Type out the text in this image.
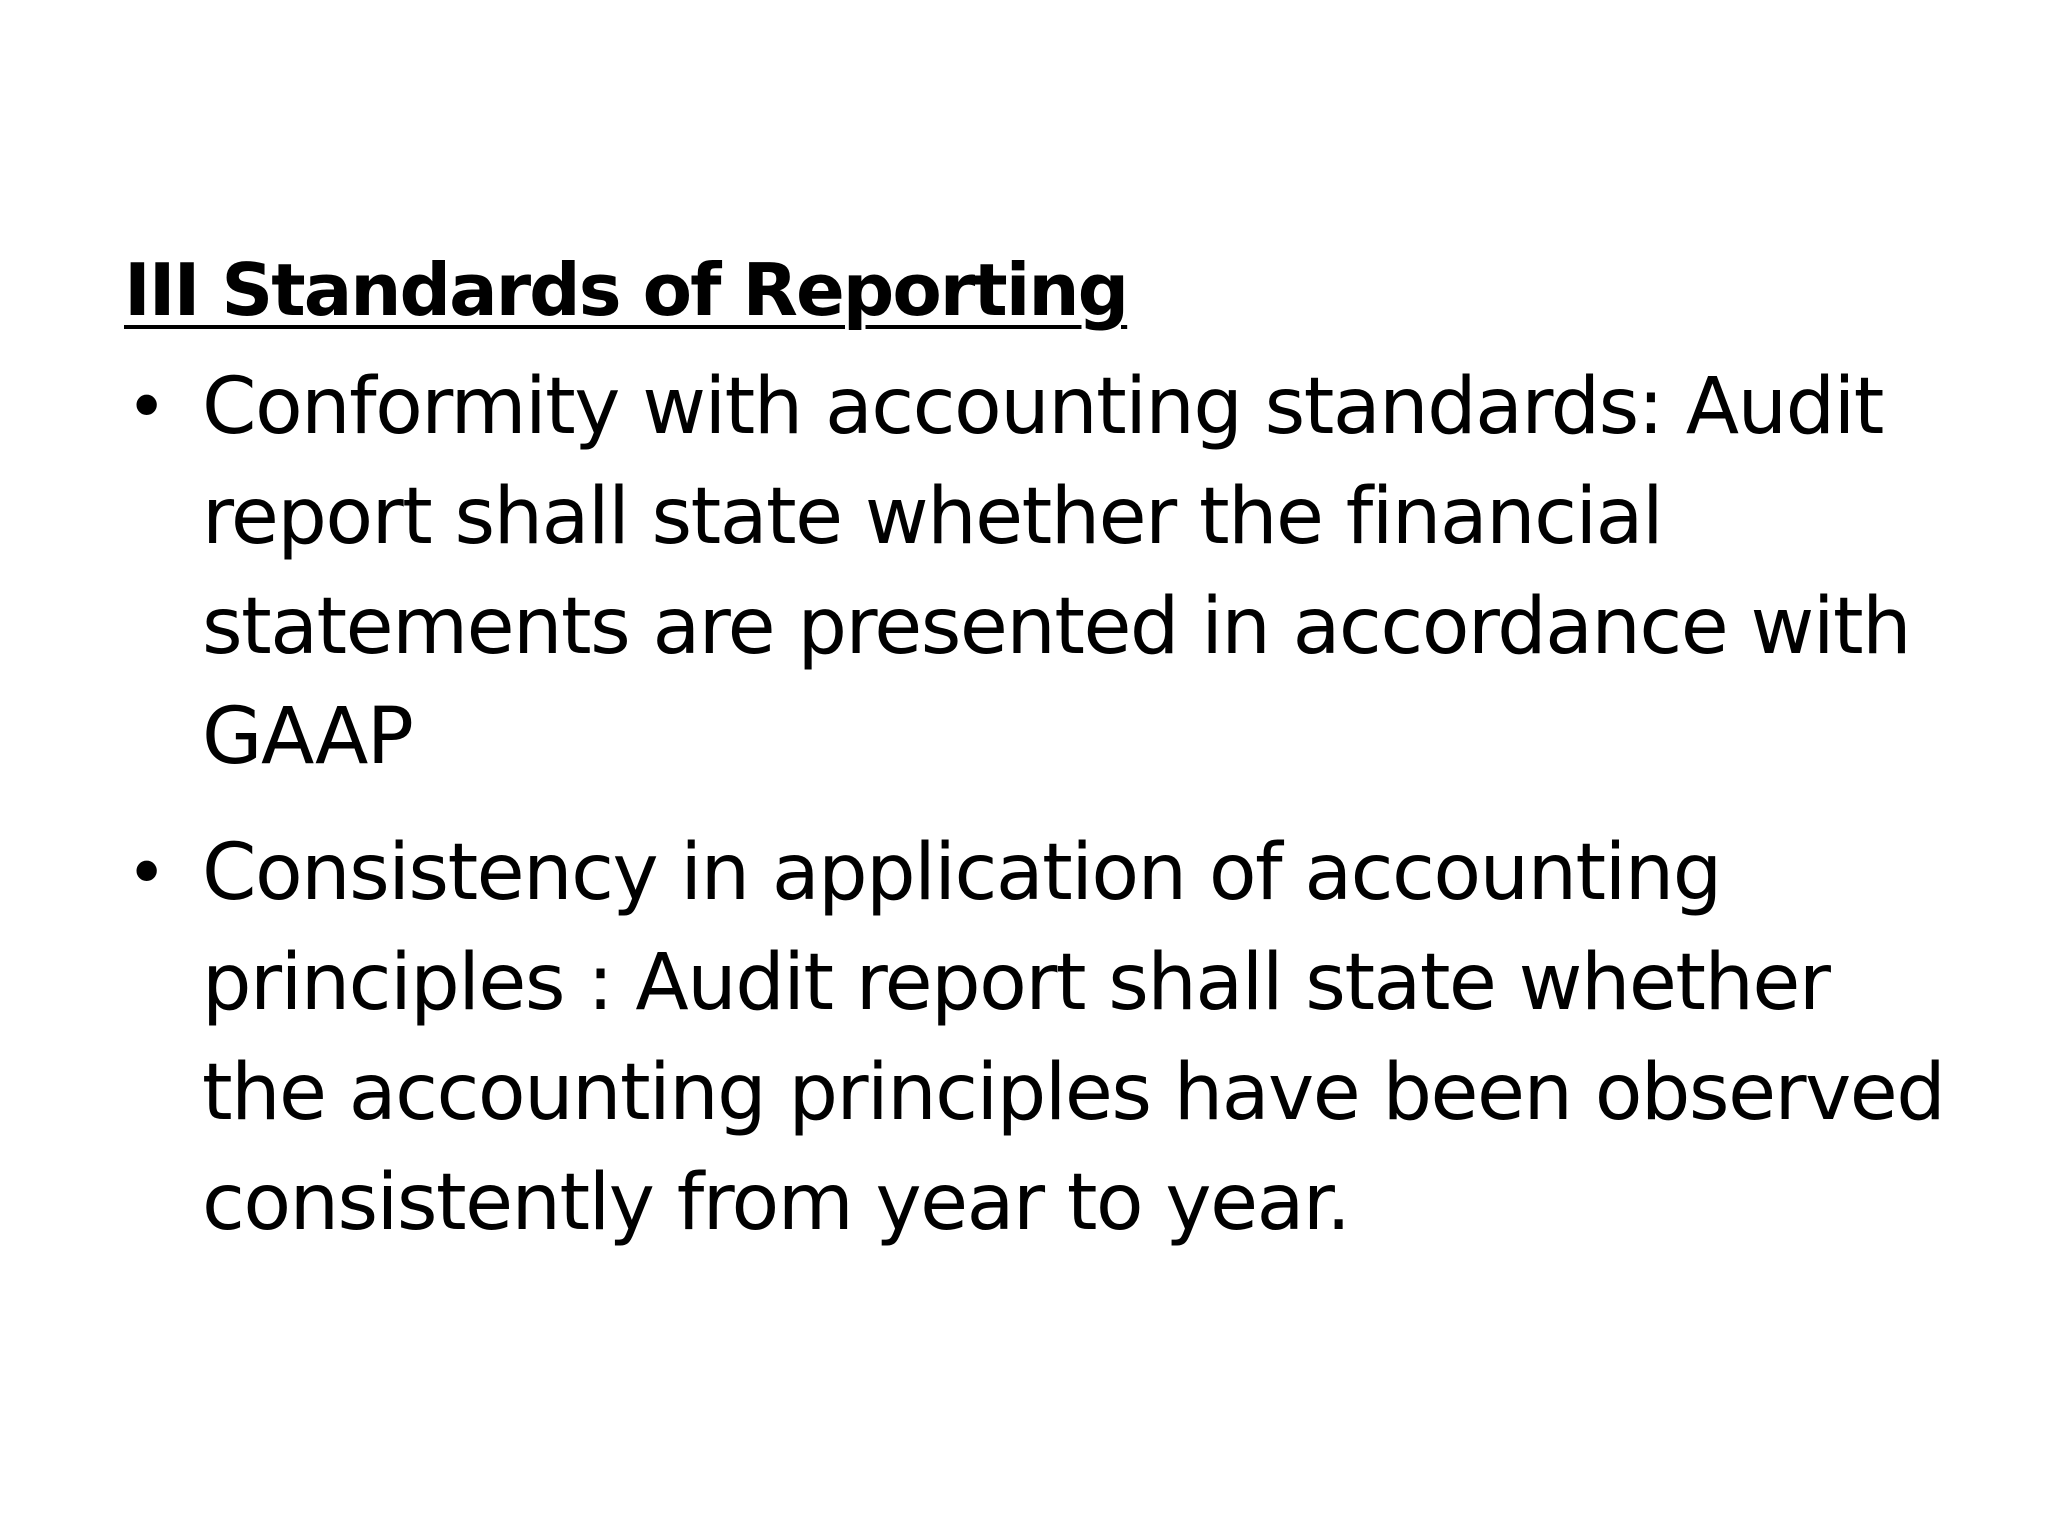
III Standards of Reporting
• Conformity with accounting standards: Audit
report shall state whether the financial
statements are presented in accordance with
GAAP
• Consistency in application of accounting
principles : Audit report shall state whether
the accounting principles have been observed
consistently from year to year.
